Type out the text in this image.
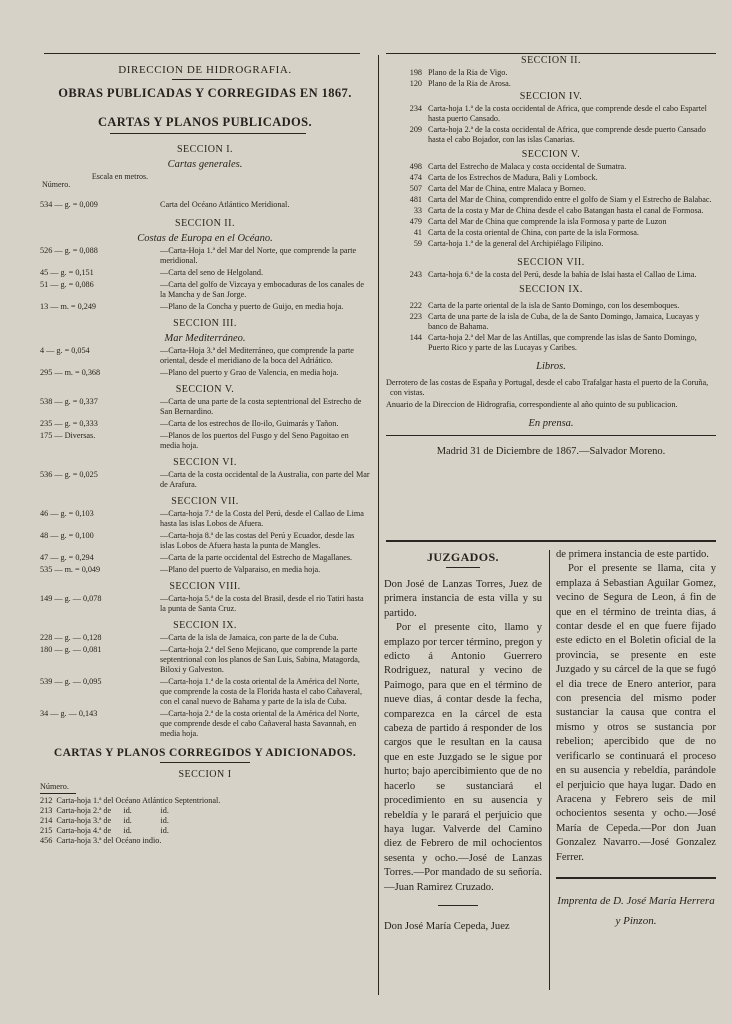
DIRECCION DE HIDROGRAFIA.
OBRAS PUBLICADAS Y CORREGIDAS EN 1867.
CARTAS Y PLANOS PUBLICADOS.
SECCION I.
Cartas generales.
Número.
Escala en metros.
534 — g. = 0,009	Carta del Océano Atlántico Meridional.
SECCION II.
Costas de Europa en el Océano.
526 — g. = 0,088	—Carta-Hoja 1.ª del Mar del Norte, que comprende la parte meridional.
45 — g. = 0,151	—Carta del seno de Helgoland.
51 — g. = 0,086	—Carta del golfo de Vizcaya y embocaduras de los canales de la Mancha y de San Jorge.
13 — m. = 0,249	—Plano de la Concha y puerto de Guijo, en media hoja.
SECCION III.
Mar Mediterráneo.
4 — g. = 0,054	—Carta-Hoja 3.ª del Mediterráneo, que comprende la parte oriental, desde el meridiano de la boca del Adriático.
295 — m. = 0,368	—Plano del puerto y Grao de Valencia, en media hoja.
SECCION V.
538 — g. = 0,337	—Carta de una parte de la costa septentrional del Estrecho de San Bernardino.
235 — g. = 0,333	—Carta de los estrechos de Ilo-ilo, Guimarás y Tañon.
175 — Diversas.	—Planos de los puertos del Fusgo y del Seno Pagoitao en media hoja.
SECCION VI.
536 — g. = 0,025	—Carta de la costa occidental de la Australia, con parte del Mar de Arafura.
SECCION VII.
46 — g. = 0,103	—Carta-hoja 7.ª de la Costa del Perú, desde el Callao de Lima hasta las islas Lobos de Afuera.
48 — g. = 0,100	—Carta-hoja 8.ª de las costas del Perú y Ecuador, desde las islas Lobos de Afuera hasta la punta de Mangles.
47 — g. = 0,294	—Carta de la parte occidental del Estrecho de Magallanes.
535 — m. = 0,049	—Plano del puerto de Valparaiso, en media hoja.
SECCION VIII.
149 — g. — 0,078	—Carta-hoja 5.ª de la costa del Brasil, desde el rio Tatiri hasta la punta de Santa Cruz.
SECCION IX.
228 — g. — 0,128	—Carta de la isla de Jamaica, con parte de la de Cuba.
180 — g. — 0,081	—Carta-hoja 2.ª del Seno Mejicano, que comprende la parte septentrional con los planos de San Luis, Sabina, Matagorda, Biloxi y Galveston.
539 — g. — 0,095	—Carta-hoja 1.ª de la costa oriental de la América del Norte, que comprende la costa de la Florida hasta el cabo Cañaveral, con el canal nuevo de Bahama y parte de la isla de Cuba.
34 — g. — 0,143	—Carta-hoja 2.ª de la costa oriental de la América del Norte, que comprende desde el cabo Cañaveral hasta Savannah, en media hoja.
CARTAS Y PLANOS CORREGIDOS Y ADICIONADOS.
SECCION I
Número.
212  Carta-hoja 1.ª del Océano Atlántico Septentrional.
213  Carta-hoja 2.ª de      id.              id.
214  Carta-hoja 3.ª de      id.              id.
215  Carta-hoja 4.ª de      id.              id.
456  Carta-hoja 3.ª del Océano indio.
SECCION II.
198 Plano de la Ria de Vigo.
120 Plano de la Ria de Arosa.
SECCION IV.
234 Carta-hoja 1.ª de la costa occidental de Africa, que comprende desde el cabo Espartel hasta puerto Cansado.
209 Carta-hoja 2.ª de la costa occidental de Africa, que comprende desde puerto Cansado hasta el cabo Bojador, con las islas Canarias.
SECCION V.
498 Carta del Estrecho de Malaca y costa occidental de Sumatra.
474 Carta de los Estrechos de Madura, Bali y Lombock.
507 Carta del Mar de China, entre Malaca y Borneo.
481 Carta del Mar de China, comprendido entre el golfo de Siam y el Estrecho de Balabac.
33 Carta de la costa y Mar de China desde el cabo Batangan hasta el canal de Formosa.
479 Carta del Mar de China que comprende la isla Formosa y parte de Luzon
41 Carta de la costa oriental de China, con parte de la isla Formosa.
59 Carta-hoja 1.ª de la general del Archipiélago Filipino.
SECCION VII.
243 Carta-hoja 6.ª de la costa del Perú, desde la bahía de Islai hasta el Callao de Lima.
SECCION IX.
222 Carta de la parte oriental de la isla de Santo Domingo, con los desemboques.
223 Carta de una parte de la isla de Cuba, de la de Santo Domingo, Jamaica, Lucayas y banco de Bahama.
144 Carta-hoja 2.ª del Mar de las Antillas, que comprende las islas de Santo Domingo, Puerto Rico y parte de las Lucayas y Caribes.
Libros.
Derrotero de las costas de España y Portugal, desde el cabo Trafalgar hasta el puerto de la Coruña, con vistas.
Anuario de la Direccion de Hidrografia, correspondiente al año quinto de su publicacion.
En prensa.
Madrid 31 de Diciembre de 1867.—Salvador Moreno.
JUZGADOS.

Don José de Lanzas Torres, Juez de primera instancia de esta villa y su partido.

Por el presente cito, llamo y emplazo por tercer término, pregon y edicto á Antonio Guerrero Rodriguez, natural y vecino de Paimogo, para que en el término de nueve dias, á contar desde la fecha, comparezca en la cárcel de esta cabeza de partido á responder de los cargos que le resultan en la causa que en este Juzgado se le sigue por hurto; bajo apercibimiento que de no hacerlo se sustanciará el procedimiento en su ausencia y rebeldía y le parará el perjuicio que haya lugar. Valverde del Camino diez de Febrero de mil ochocientos sesenta y ocho.—José de Lanzas Torres.—Por mandado de su señoría.—Juan Ramirez Cruzado.

Don José María Cepeda, Juez

de primera instancia de este partido.

Por el presente se llama, cita y emplaza á Sebastian Aguilar Gomez, vecino de Segura de Leon, á fin de que en el término de treinta dias, á contar desde el en que fuere fijado este edicto en el Boletin oficial de la provincia, se presente en este Juzgado y su cárcel de la que se fugó el dia trece de Enero anterior, para con presencia del mismo poder sustanciar la causa que contra el mismo y otros se sustancia por rebelion; apercibido que de no verificarlo se continuará el proceso en su ausencia y rebeldía, parándole el perjuicio que haya lugar. Dado en Aracena y Febrero seis de mil ochocientos sesenta y ocho.—José María de Cepeda.—Por don Juan Gonzalez Navarro.—José Gonzalez Ferrer.

Imprenta de D. José María Herrera y Pinzon.
